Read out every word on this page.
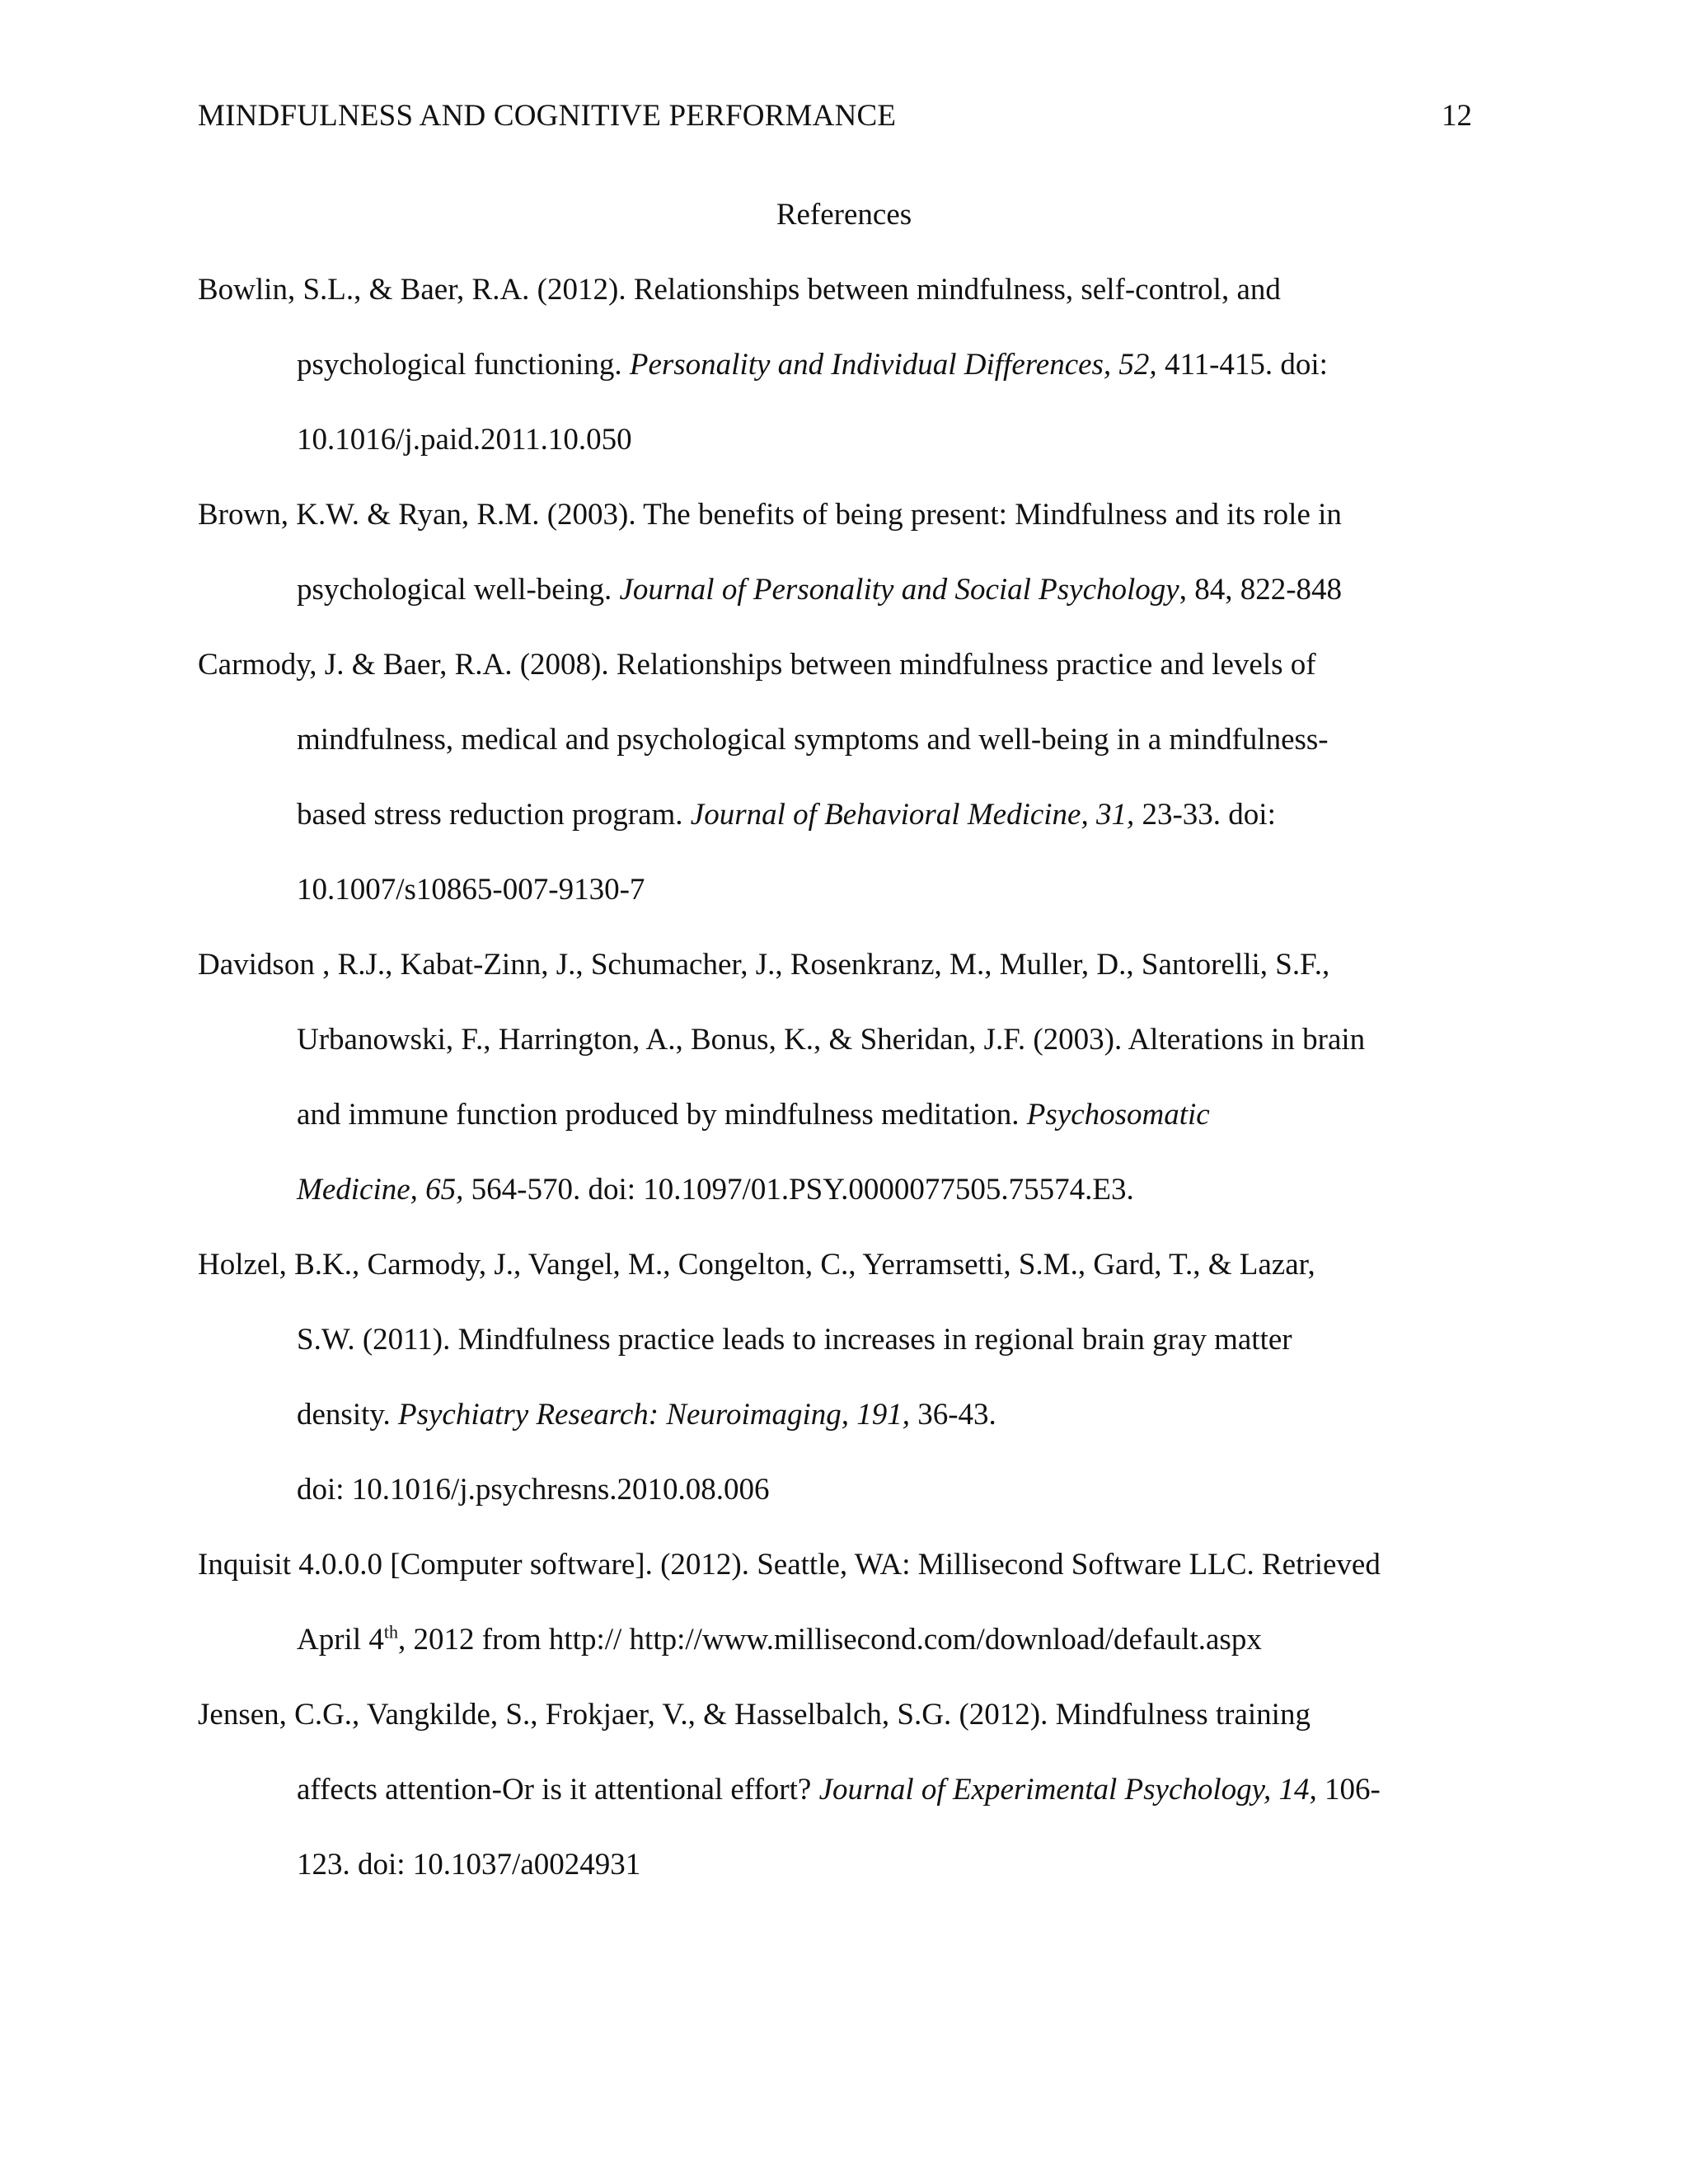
MINDFULNESS AND COGNITIVE PERFORMANCE	12
References
Bowlin, S.L., & Baer, R.A. (2012). Relationships between mindfulness, self-control, and
psychological functioning. Personality and Individual Differences, 52, 411-415. doi:
10.1016/j.paid.2011.10.050
Brown, K.W. & Ryan, R.M. (2003). The benefits of being present: Mindfulness and its role in
psychological well-being. Journal of Personality and Social Psychology, 84, 822-848
Carmody, J. & Baer, R.A. (2008). Relationships between mindfulness practice and levels of
mindfulness, medical and psychological symptoms and well-being in a mindfulness-
based stress reduction program. Journal of Behavioral Medicine, 31, 23-33. doi:
10.1007/s10865-007-9130-7
Davidson , R.J., Kabat-Zinn, J., Schumacher, J., Rosenkranz, M., Muller, D., Santorelli, S.F.,
Urbanowski, F., Harrington, A., Bonus, K., & Sheridan, J.F. (2003). Alterations in brain
and immune function produced by mindfulness meditation. Psychosomatic
Medicine, 65, 564-570. doi: 10.1097/01.PSY.0000077505.75574.E3.
Holzel, B.K., Carmody, J., Vangel, M., Congelton, C., Yerramsetti, S.M., Gard, T., & Lazar,
S.W. (2011). Mindfulness practice leads to increases in regional brain gray matter
density. Psychiatry Research: Neuroimaging, 191, 36-43.
doi: 10.1016/j.psychresns.2010.08.006
Inquisit 4.0.0.0 [Computer software]. (2012). Seattle, WA: Millisecond Software LLC. Retrieved
April 4th, 2012 from http:// http://www.millisecond.com/download/default.aspx
Jensen, C.G., Vangkilde, S., Frokjaer, V., & Hasselbalch, S.G. (2012). Mindfulness training
affects attention-Or is it attentional effort? Journal of Experimental Psychology, 14, 106-
123. doi: 10.1037/a0024931
